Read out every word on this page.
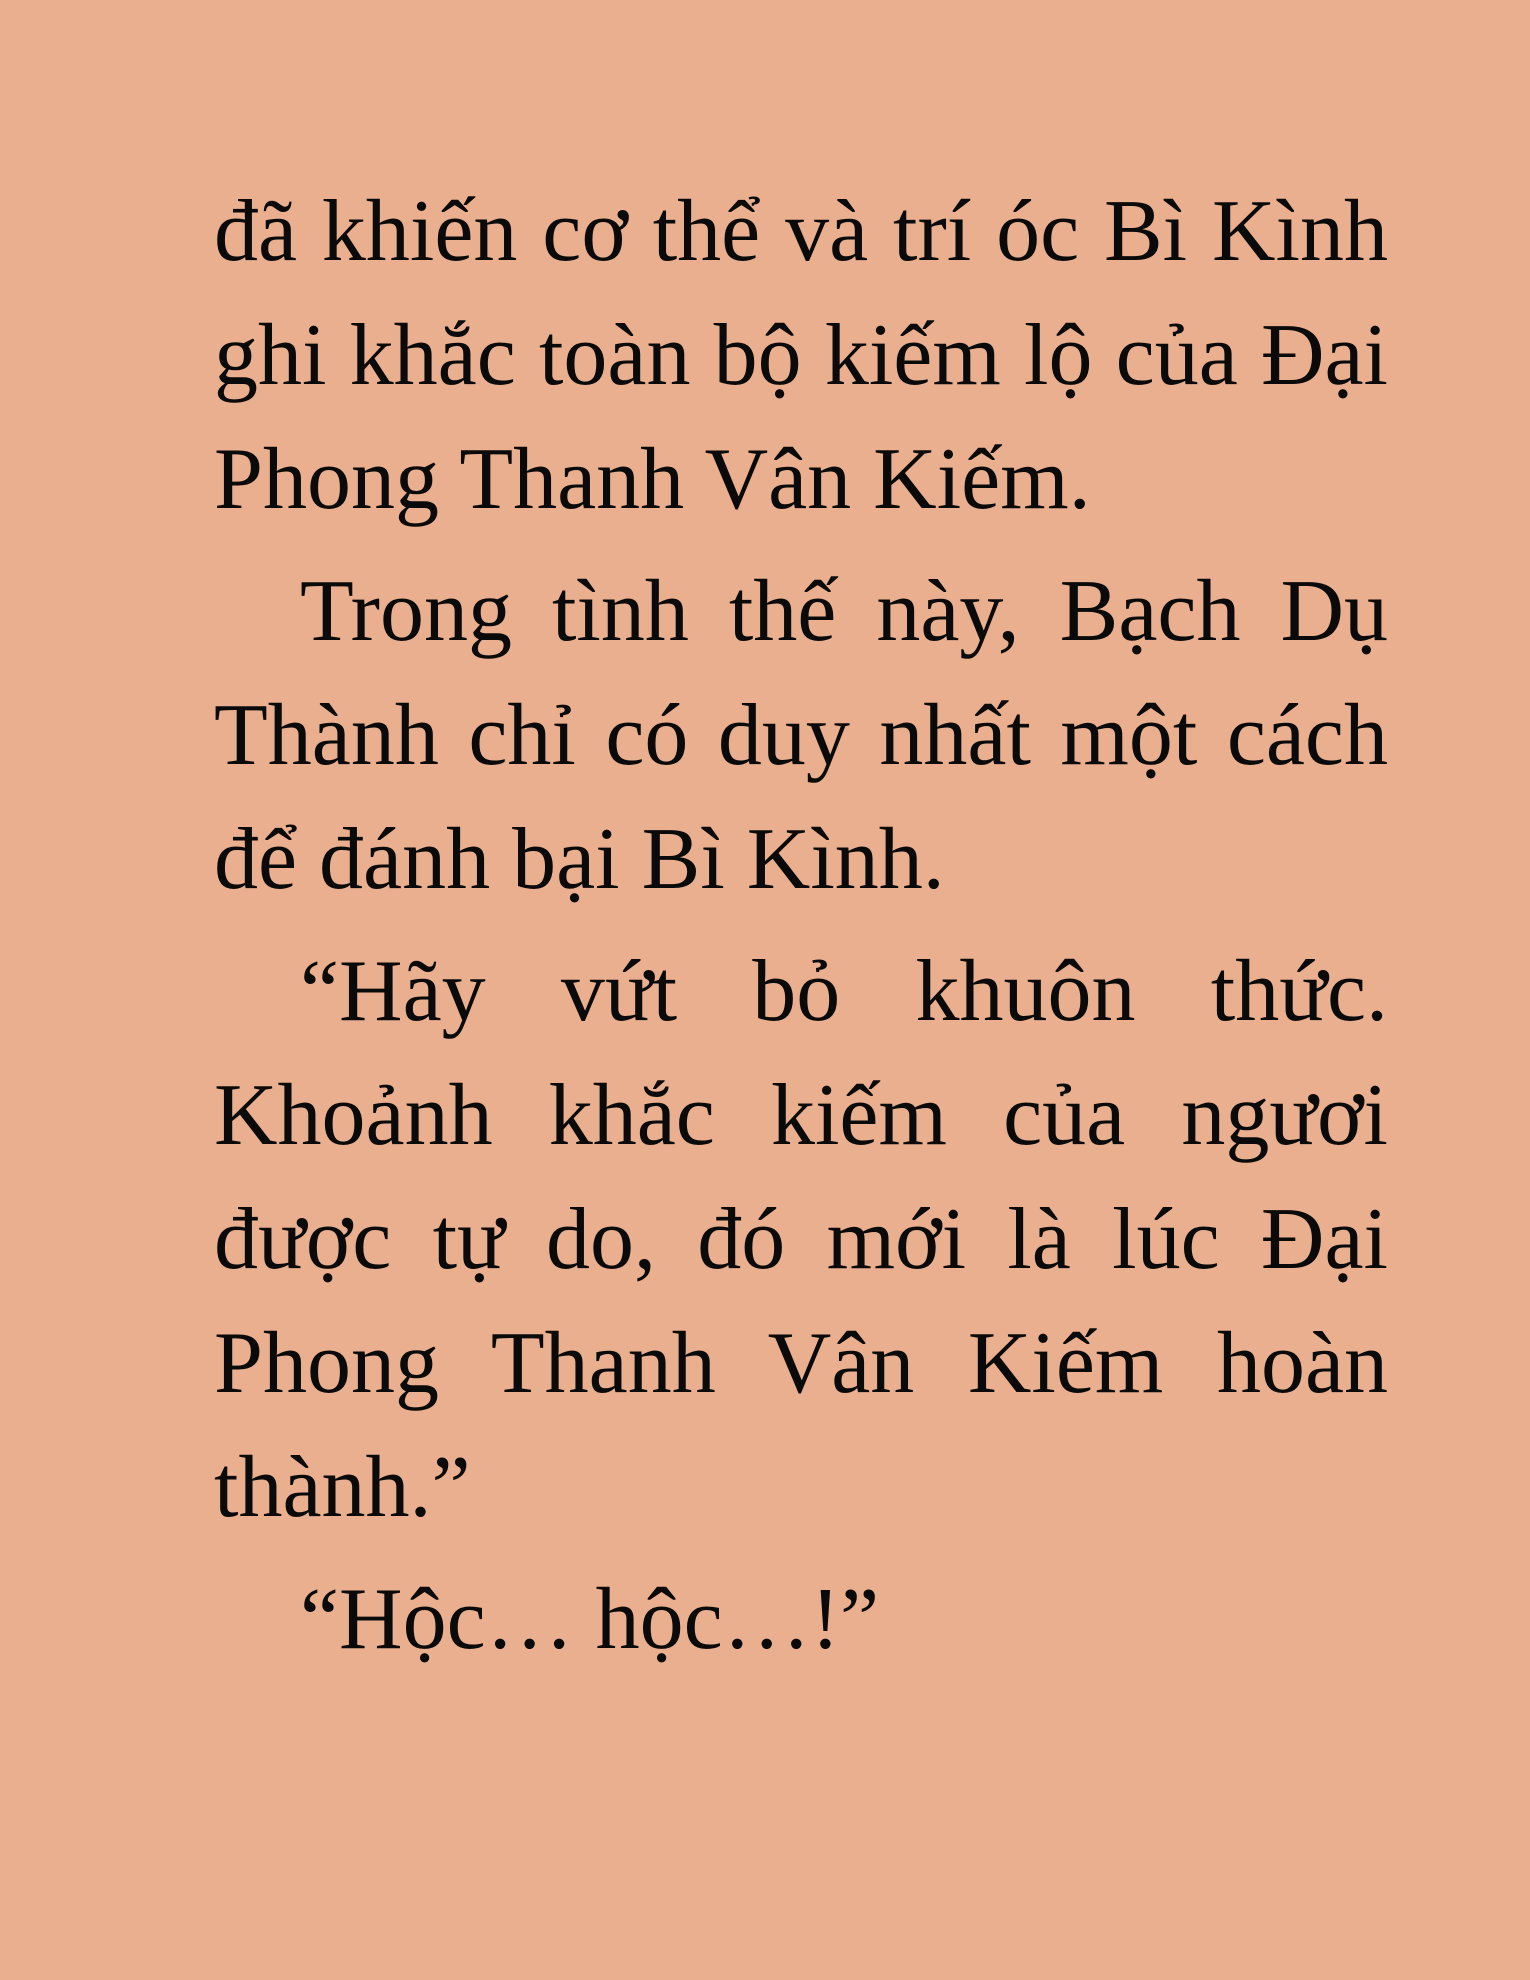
đã khiến cơ thể và trí óc Bì Kình ghi khắc toàn bộ kiếm lộ của Đại Phong Thanh Vân Kiếm.

Trong tình thế này, Bạch Dụ Thành chỉ có duy nhất một cách để đánh bại Bì Kình.

“Hãy vứt bỏ khuôn thức. Khoảnh khắc kiếm của ngươi được tự do, đó mới là lúc Đại Phong Thanh Vân Kiếm hoàn thành.”

“Hộc… hộc…!”
